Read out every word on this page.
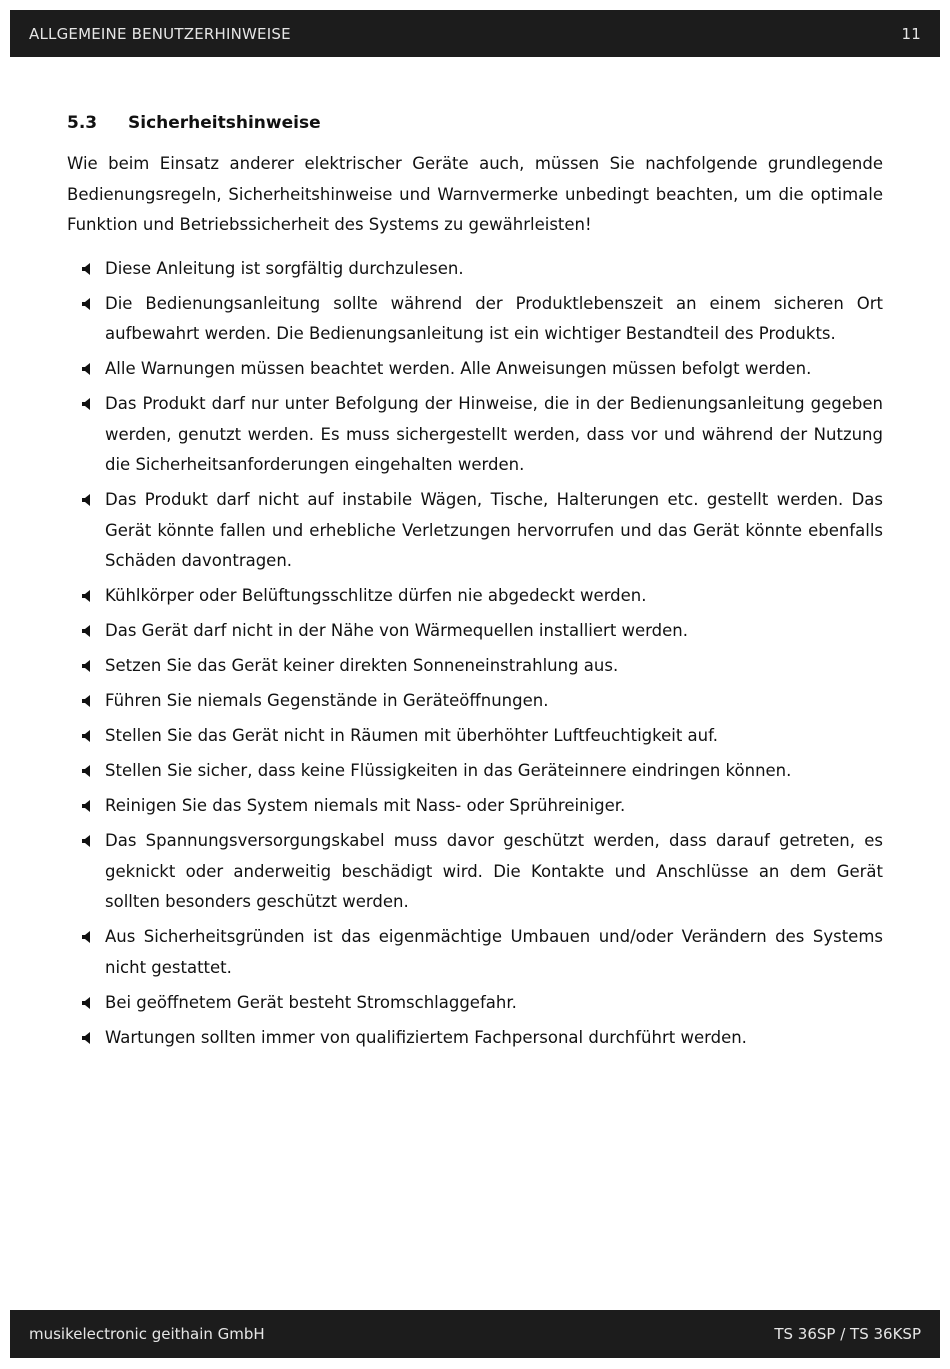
ALLGEMEINE BENUTZERHINWEISE	11
5.3	Sicherheitshinweise

Wie beim Einsatz anderer elektrischer Geräte auch, müssen Sie nachfolgende grundlegende Bedienungsregeln, Sicherheitshinweise und Warnvermerke unbedingt beachten, um die optimale Funktion und Betriebssicherheit des Systems zu gewährleisten!

Diese Anleitung ist sorgfältig durchzulesen.
Die Bedienungsanleitung sollte während der Produktlebenszeit an einem sicheren Ort aufbewahrt werden. Die Bedienungsanleitung ist ein wichtiger Bestandteil des Produkts.
Alle Warnungen müssen beachtet werden. Alle Anweisungen müssen befolgt werden.
Das Produkt darf nur unter Befolgung der Hinweise, die in der Bedienungsanleitung gegeben werden, genutzt werden. Es muss sichergestellt werden, dass vor und während der Nutzung die Sicherheitsanforderungen eingehalten werden.
Das Produkt darf nicht auf instabile Wägen, Tische, Halterungen etc. gestellt werden. Das Gerät könnte fallen und erhebliche Verletzungen hervorrufen und das Gerät könnte ebenfalls Schäden davontragen.
Kühlkörper oder Belüftungsschlitze dürfen nie abgedeckt werden.
Das Gerät darf nicht in der Nähe von Wärmequellen installiert werden.
Setzen Sie das Gerät keiner direkten Sonneneinstrahlung aus.
Führen Sie niemals Gegenstände in Geräteöffnungen.
Stellen Sie das Gerät nicht in Räumen mit überhöhter Luftfeuchtigkeit auf.
Stellen Sie sicher, dass keine Flüssigkeiten in das Geräteinnere eindringen können.
Reinigen Sie das System niemals mit Nass- oder Sprühreiniger.
Das Spannungsversorgungskabel muss davor geschützt werden, dass darauf getreten, es geknickt oder anderweitig beschädigt wird. Die Kontakte und Anschlüsse an dem Gerät sollten besonders geschützt werden.
Aus Sicherheitsgründen ist das eigenmächtige Umbauen und/oder Verändern des Systems nicht gestattet.
Bei geöffnetem Gerät besteht Stromschlaggefahr.
Wartungen sollten immer von qualifiziertem Fachpersonal durchführt werden.
musikelectronic geithain GmbH	TS 36SP / TS 36KSP
